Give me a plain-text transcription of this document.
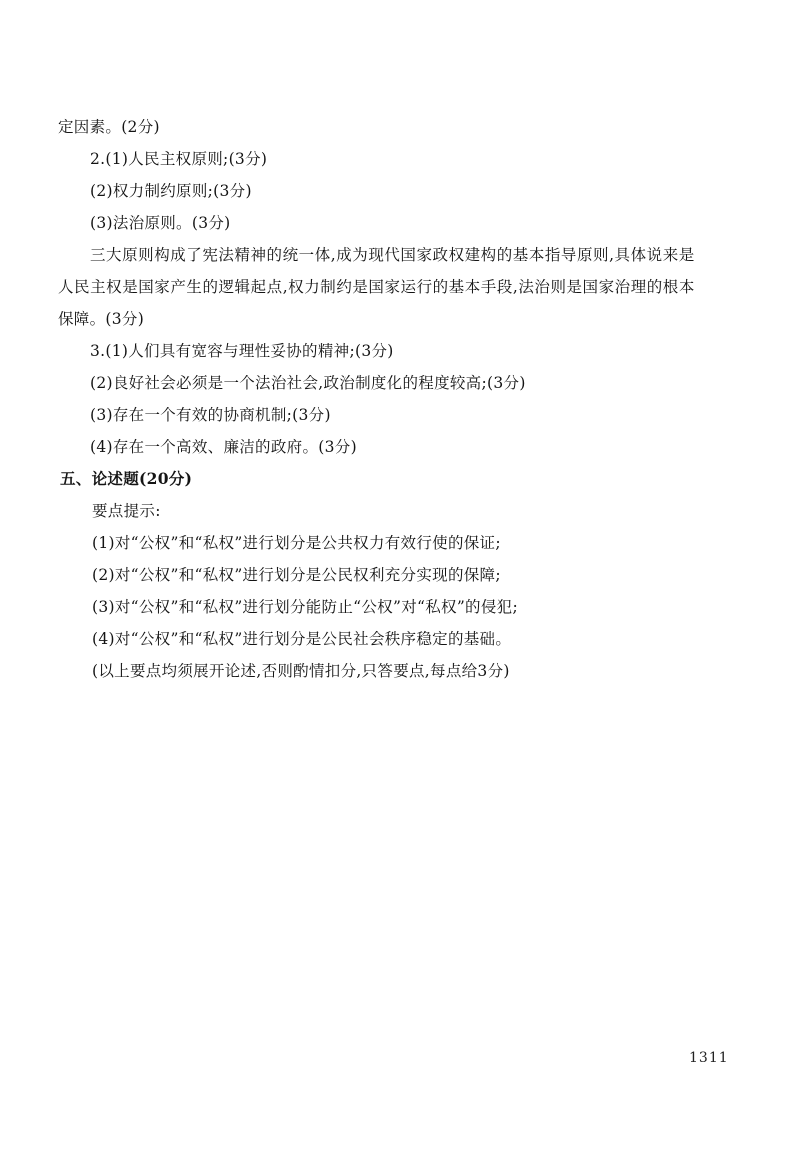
定因素。(2分)
2.(1)人民主权原则;(3分)
(2)权力制约原则;(3分)
(3)法治原则。(3分)
三大原则构成了宪法精神的统一体,成为现代国家政权建构的基本指导原则,具体说来是
人民主权是国家产生的逻辑起点,权力制约是国家运行的基本手段,法治则是国家治理的根本
保障。(3分)
3.(1)人们具有宽容与理性妥协的精神;(3分)
(2)良好社会必须是一个法治社会,政治制度化的程度较高;(3分)
(3)存在一个有效的协商机制;(3分)
(4)存在一个高效、廉洁的政府。(3分)
五、论述题(20分)
要点提示:
(1)对“公权”和“私权”进行划分是公共权力有效行使的保证;
(2)对“公权”和“私权”进行划分是公民权利充分实现的保障;
(3)对“公权”和“私权”进行划分能防止“公权”对“私权”的侵犯;
(4)对“公权”和“私权”进行划分是公民社会秩序稳定的基础。
(以上要点均须展开论述,否则酌情扣分,只答要点,每点给3分)
1311
